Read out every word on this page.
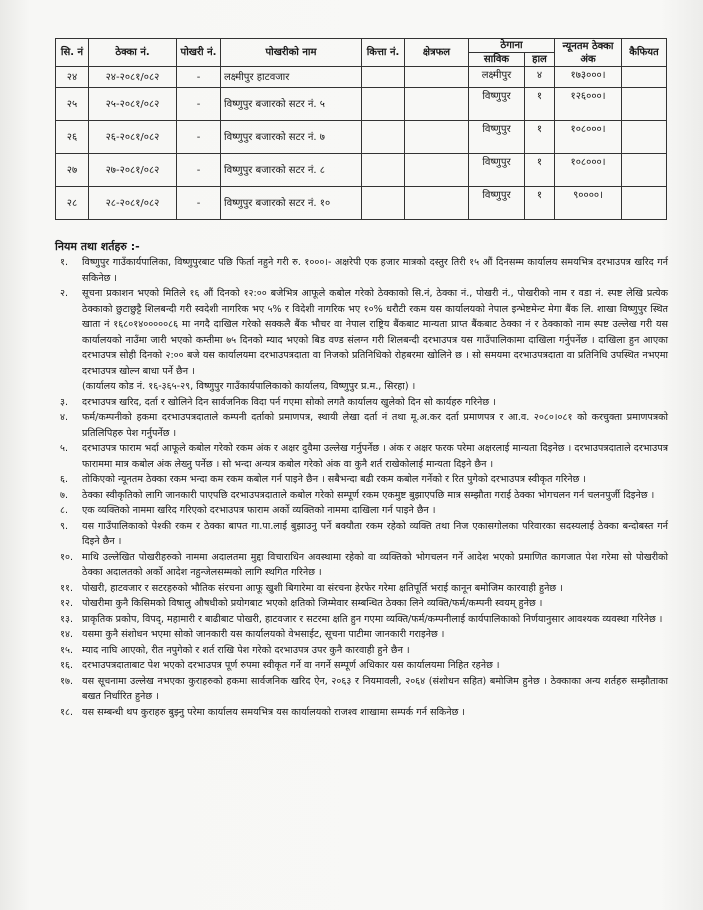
सि. नं	ठेक्का नं.	पोखरी नं.	पोखरीको नाम	कित्ता नं.	क्षेत्रफल	ठेगाना		न्यूनतम ठेक्का अंक	कैफियत
						साविक	हाल		
२४	२४-२०८१/०८२	-	लक्ष्मीपुर हाटवजार			लक्ष्मीपुर	४	१७३०००।	
२५	२५-२०८१/०८२	-	विष्णुपुर बजारको सटर नं. ५			विष्णुपुर	१	१२६०००।	
२६	२६-२०८१/०८२	-	विष्णुपुर बजारको सटर नं. ७			विष्णुपुर	१	१०८०००।	
२७	२७-२०८१/०८२	-	विष्णुपुर बजारको सटर नं. ८			विष्णुपुर	१	१०८०००।	
२८	२८-२०८१/०८२	-	विष्णुपुर बजारको सटर नं. १०			विष्णुपुर	१	९००००।	
नियम तथा शर्तहरु :-
१.	विष्णुपुर गाउँकार्यपालिका, विष्णुपुरबाट पछि फिर्ता नहुने गरी रु. १०००।- अक्षरेपी एक हजार मात्रको दस्तुर तिरी १५ औं दिनसम्म कार्यालय समयभित्र दरभाउपत्र खरिद गर्न सकिनेछ ।
२.	सूचना प्रकाशन भएको मितिले १६ औं दिनको १२:०० बजेभित्र आफूले कबोल गरेको ठेक्काको सि.नं, ठेक्का नं., पोखरी नं., पोखरीको नाम र वडा नं. स्पष्ट लेखि प्रत्येक ठेक्काको छुटाछुट्टै शिलबन्दी गरी स्वदेशी नागरिक भए ५% र विदेशी नागरिक भए १०% धरौटी रकम यस कार्यालयको नेपाल इन्भेष्टमेन्ट मेगा बैंक लि. शाखा विष्णुपुर स्थित खाता नं १६८०१४०००००८६ मा नगदै दाखिल गरेको सक्कलै बैंक भौचर वा नेपाल राष्ट्रिय बैंकबाट मान्यता प्राप्त बैंकबाट ठेक्का नं र ठेक्काको नाम स्पष्ट उल्लेख गरी यस कार्यालयको नाउँमा जारी भएको कम्तीमा ७५ दिनको म्याद भएको बिड वण्ड संलग्न गरी शिलबन्दी दरभाउपत्र यस गाउँपालिकामा दाखिला गर्नुपर्नेछ । दाखिला हुन आएका दरभाउपत्र सोही दिनको २:०० बजे यस कार्यालयमा दरभाउपत्रदाता वा निजको प्रतिनिधिको रोहबरमा खोलिने छ । सो समयमा दरभाउपत्रदाता वा प्रतिनिधि उपस्थित नभएमा दरभाउपत्र खोल्न बाधा पर्ने छैन ।
(कार्यालय कोड नं. १६-३६५-२९, विष्णुपुर गाउँकार्यपालिकाको कार्यालय, विष्णुपुर प्र.म., सिरहा) ।
३.	दरभाउपत्र खरिद, दर्ता र खोलिने दिन सार्वजनिक विदा पर्न गएमा सोको लगतै कार्यालय खुलेको दिन सो कार्यहरु गरिनेछ ।
४.	फर्म/कम्पनीको हकमा दरभाउपत्रदाताले कम्पनी दर्ताको प्रमाणपत्र, स्थायी लेखा दर्ता नं तथा मू.अ.कर दर्ता प्रमाणपत्र र आ.व. २०८०।०८१ को करचुक्ता प्रमाणपत्रको प्रतिलिपिहरु पेश गर्नुपर्नेछ ।
५.	दरभाउपत्र फाराम भर्दा आफूले कबोल गरेको रकम अंक र अक्षर दुवैमा उल्लेख गर्नुपर्नेछ । अंक र अक्षर फरक परेमा अक्षरलाई मान्यता दिइनेछ । दरभाउपत्रदाताले दरभाउपत्र फाराममा मात्र कबोल अंक लेख्नु पर्नेछ । सो भन्दा अन्यत्र कबोल गरेको अंक वा कुनै शर्त राखेकोलाई मान्यता दिइने छैन ।
६.	तोकिएको न्यूनतम ठेक्का रकम भन्दा कम रकम कबोल गर्न पाइने छैन । सबैभन्दा बढी रकम कबोल गर्नेको र रित पुगेको दरभाउपत्र स्वीकृत गरिनेछ ।
७.	ठेक्का स्वीकृतिको लागि जानकारी पाएपछि दरभाउपत्रदाताले कबोल गरेको सम्पूर्ण रकम एकमुष्ट बुझाएपछि मात्र सम्झौता गराई ठेक्का भोगचलन गर्न चलनपुर्जी दिइनेछ ।
८.	एक व्यक्तिको नाममा खरिद गरिएको दरभाउपत्र फाराम अर्को व्यक्तिको नाममा दाखिला गर्न पाइने छैन ।
९.	यस गाउँपालिकाको पेश्की रकम र ठेक्का बापत गा.पा.लाई बुझाउनु पर्ने बक्यौता रकम रहेको व्यक्ति तथा निज एकासगोलका परिवारका सदस्यलाई ठेक्का बन्दोबस्त गर्न दिइने छैन ।
१०. माथि उल्लेखित पोखरीहरुको नाममा अदालतमा मुद्दा विचाराधिन अवस्थामा रहेको वा व्यक्तिको भोगचलन गर्ने आदेश भएको प्रमाणित कागजात पेश गरेमा सो पोखरीको ठेक्का अदालतको अर्को आदेश नहुन्जेलसम्मको लागि स्थगित गरिनेछ ।
११. पोखरी, हाटवजार र सटरहरुको भौतिक संरचना आफू खुशी बिगारेमा वा संरचना हेरफेर गरेमा क्षतिपूर्ति भराई कानून बमोजिम कारवाही हुनेछ ।
१२. पोखरीमा कुनै किसिमको विषालु औषधीको प्रयोगबाट भएको क्षतिको जिम्मेवार सम्बन्धित ठेक्का लिने व्यक्ति/फर्म/कम्पनी स्वयम् हुनेछ ।
१३. प्राकृतिक प्रकोप, विपद्, महामारी र बाढीबाट पोखरी, हाटवजार र सटरमा क्षति हुन गएमा व्यक्ति/फर्म/कम्पनीलाई कार्यपालिकाको निर्णयानुसार आवश्यक व्यवस्था गरिनेछ ।
१४. यसमा कुनै संशोधन भएमा सोको जानकारी यस कार्यालयको वेभसाईट, सूचना पाटीमा जानकारी गराइनेछ ।
१५. म्याद नाघि आएको, रीत नपुगेको र शर्त राखि पेश गरेको दरभाउपत्र उपर कुनै कारवाही हुने छैन ।
१६. दरभाउपत्रदाताबाट पेश भएको दरभाउपत्र पूर्ण रुपमा स्वीकृत गर्ने वा नगर्ने सम्पूर्ण अधिकार यस कार्यालयमा निहित रहनेछ ।
१७. यस सूचनामा उल्लेख नभएका कुराहरुको हकमा सार्वजनिक खरिद ऐन, २०६३ र नियमावली, २०६४ (संशोधन सहित) बमोजिम हुनेछ । ठेक्काका अन्य शर्तहरु सम्झौताका बखत निर्धारित हुनेछ ।
१८. यस सम्बन्धी थप कुराहरु बुझ्नु परेमा कार्यालय समयभित्र यस कार्यालयको राजश्व शाखामा सम्पर्क गर्न सकिनेछ ।
